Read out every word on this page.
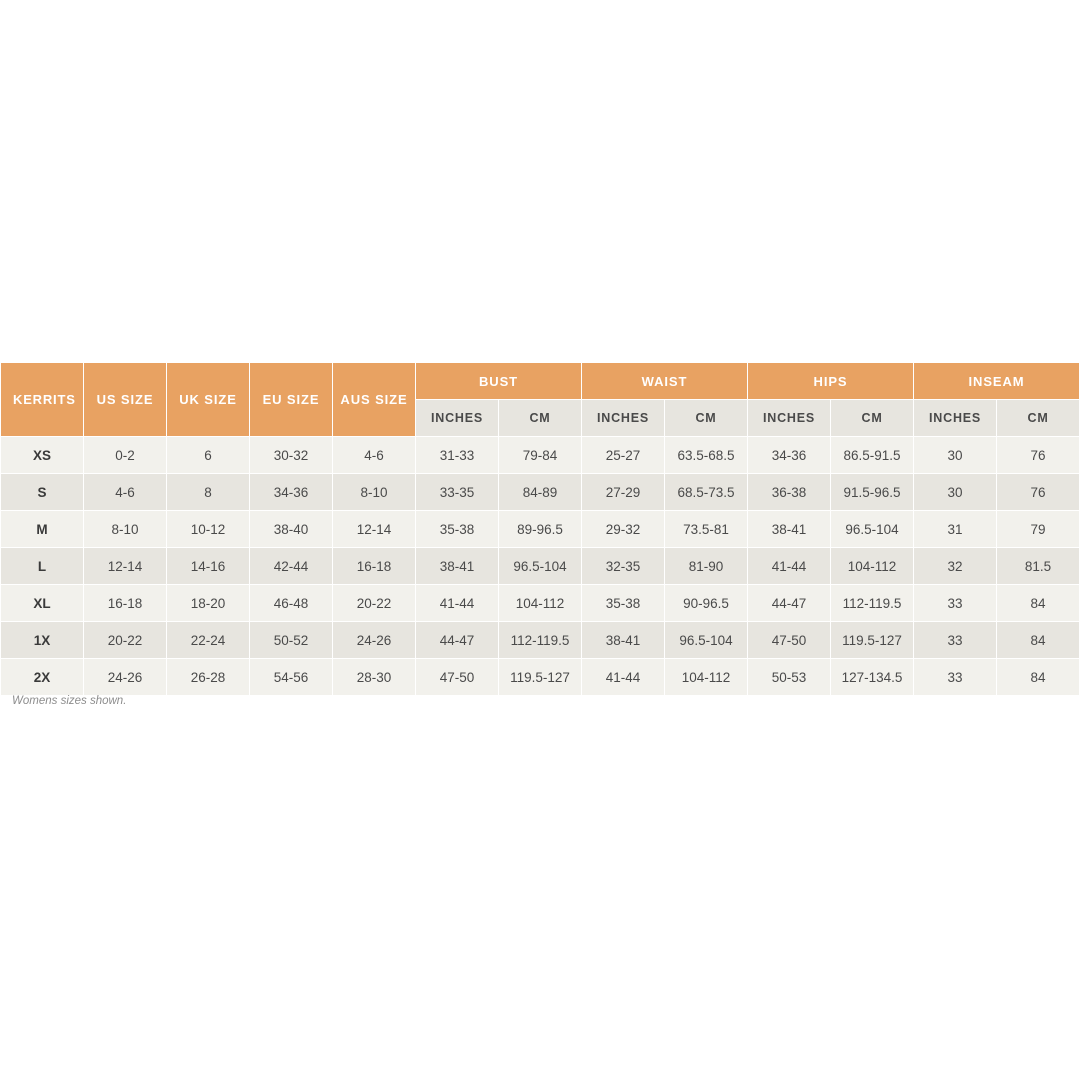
KERRITS	US SIZE	UK SIZE	EU SIZE	AUS SIZE	BUST		WAIST		HIPS		INSEAM	
					INCHES	CM	INCHES	CM	INCHES	CM	INCHES	CM
XS	0-2	6	30-32	4-6	31-33	79-84	25-27	63.5-68.5	34-36	86.5-91.5	30	76
S	4-6	8	34-36	8-10	33-35	84-89	27-29	68.5-73.5	36-38	91.5-96.5	30	76
M	8-10	10-12	38-40	12-14	35-38	89-96.5	29-32	73.5-81	38-41	96.5-104	31	79
L	12-14	14-16	42-44	16-18	38-41	96.5-104	32-35	81-90	41-44	104-112	32	81.5
XL	16-18	18-20	46-48	20-22	41-44	104-112	35-38	90-96.5	44-47	112-119.5	33	84
1X	20-22	22-24	50-52	24-26	44-47	112-119.5	38-41	96.5-104	47-50	119.5-127	33	84
2X	24-26	26-28	54-56	28-30	47-50	119.5-127	41-44	104-112	50-53	127-134.5	33	84
Womens sizes shown.
